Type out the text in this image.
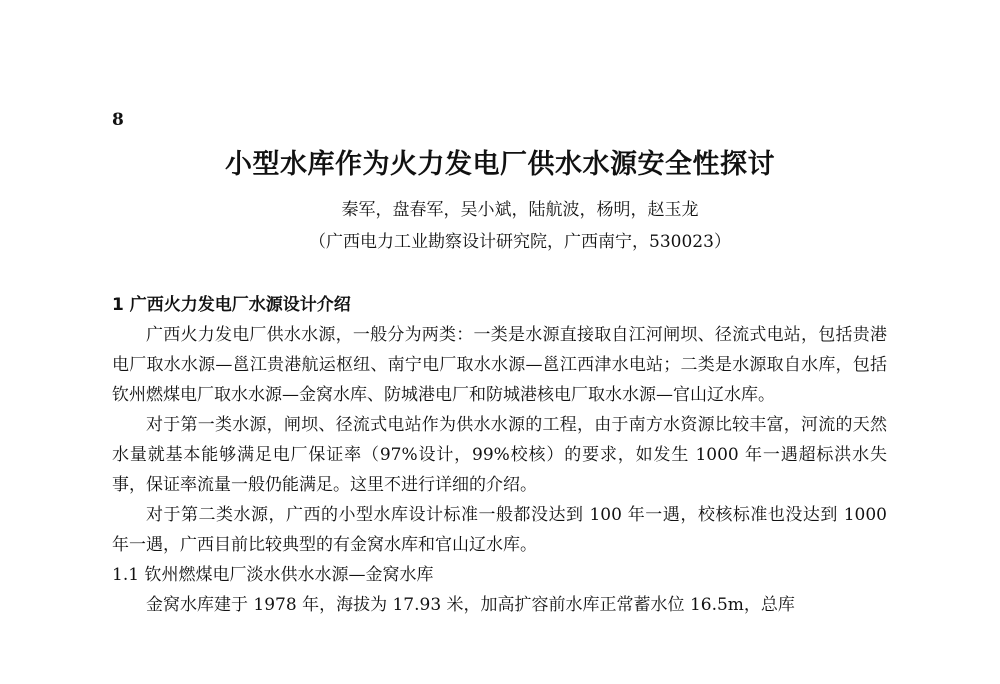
8
小型水库作为火力发电厂供水水源安全性探讨
秦军，盘春军，吴小斌，陆航波，杨明，赵玉龙
（广西电力工业勘察设计研究院，广西南宁，530023）
1 广西火力发电厂水源设计介绍

广西火力发电厂供水水源，一般分为两类：一类是水源直接取自江河闸坝、径流式电站，包括贵港电厂取水水源—邕江贵港航运枢纽、南宁电厂取水水源—邕江西津水电站；二类是水源取自水库，包括钦州燃煤电厂取水水源—金窝水库、防城港电厂和防城港核电厂取水水源—官山辽水库。

对于第一类水源，闸坝、径流式电站作为供水水源的工程，由于南方水资源比较丰富，河流的天然水量就基本能够满足电厂保证率（97%设计，99%校核）的要求，如发生 1000 年一遇超标洪水失事，保证率流量一般仍能满足。这里不进行详细的介绍。

对于第二类水源，广西的小型水库设计标准一般都没达到 100 年一遇，校核标准也没达到 1000 年一遇，广西目前比较典型的有金窝水库和官山辽水库。

1.1 钦州燃煤电厂淡水供水水源—金窝水库

金窝水库建于 1978 年，海拔为 17.93 米，加高扩容前水库正常蓄水位 16.5m，总库
